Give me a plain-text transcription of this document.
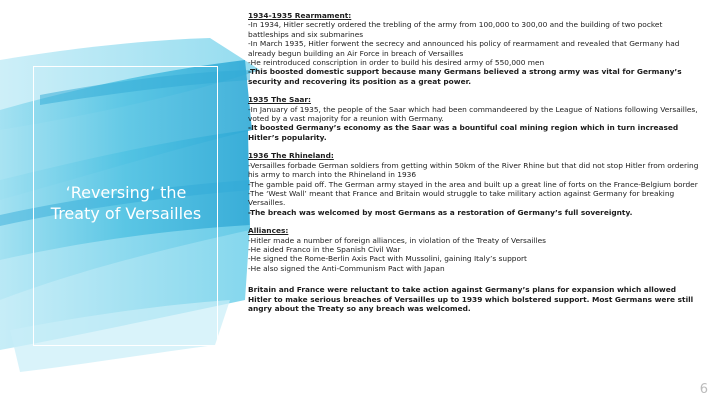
‘Reversing’ the Treaty of Versailles
1934-1935 Rearmament:
-In 1934, Hitler secretly ordered the trebling of the army from 100,000 to 300,00 and the building of two pocket battleships and six submarines
-In March 1935, Hitler forwent the secrecy and announced his policy of rearmament and revealed that Germany had already begun building an Air Force in breach of Versailles
-He reintroduced conscription in order to build his desired army of 550,000 men
-This boosted domestic support because many Germans believed a strong army was vital for Germany’s security and recovering its position as a great power.
1935 The Saar:
-In January of 1935, the people of the Saar which had been commandeered by the League of Nations following Versailles, voted by a vast majority for a reunion with Germany.
-It boosted Germany’s economy as the Saar was a bountiful coal mining region which in turn increased Hitler’s popularity.
1936 The Rhineland:
-Versailles forbade German soldiers from getting within 50km of the River Rhine but that did not stop Hitler from ordering his army to march into the Rhineland in 1936
-The gamble paid off. The German army stayed in the area and built up a great line of forts on the France-Belgium border
-The ‘West Wall’ meant that France and Britain would struggle to take military action against Germany for breaking Versailles.
-The breach was welcomed by most Germans as a restoration of Germany’s full sovereignty.
Alliances:
-Hitler made a number of foreign alliances, in violation of the Treaty of Versailles
-He aided Franco in the Spanish Civil War
-He signed the Rome-Berlin Axis Pact with Mussolini, gaining Italy’s support
-He also signed the Anti-Communism Pact with Japan
Britain and France were reluctant to take action against Germany’s plans for expansion which allowed Hitler to make serious breaches of Versailles up to 1939 which bolstered support. Most Germans were still angry about the Treaty so any breach was welcomed.
6
